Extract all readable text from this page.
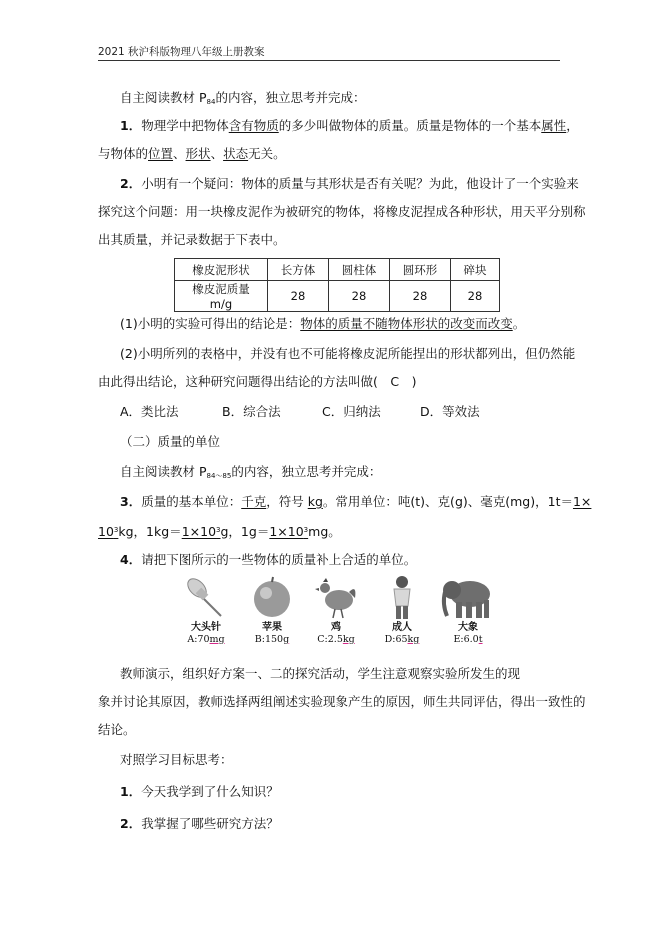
2021 秋沪科版物理八年级上册教案
自主阅读教材 $P_{84}$的内容，独立思考并完成：
1．物理学中把物体含有物质的多少叫做物体的质量。质量是物体的一个基本属性，
与物体的位置、形状、状态无关。
2．小明有一个疑问：物体的质量与其形状是否有关呢？为此，他设计了一个实验来
探究这个问题：用一块橡皮泥作为被研究的物体，将橡皮泥捏成各种形状，用天平分别称
出其质量，并记录数据于下表中。
橡皮泥形状	长方体	圆柱体	圆环形	碎块
橡皮泥质量 m/g	28	28	28	28
(1)小明的实验可得出的结论是：物体的质量不随物体形状的改变而改变。
(2)小明所列的表格中，并没有也不可能将橡皮泥所能捏出的形状都列出，但仍然能
由此得出结论，这种研究问题得出结论的方法叫做(　C　)
A．类比法	B．综合法	C．归纳法	D．等效法
（二）质量的单位
自主阅读教材 $P_{84\sim 85}$的内容，独立思考并完成：
3．质量的基本单位：千克，符号 kg。常用单位：吨(t)、克(g)、毫克(mg)，1t＝1×
$10^3kg$，$1kg=1\times 10^3g$，$1g=1\times 10^3mg$。
4．请把下图所示的一些物体的质量补上合适的单位。
大头针
A:70mg
苹果
B:150g
鸡
C:2.5kg
成人
D:65kg
大象
E:6.0t
教师演示，组织好方案一、二的探究活动，学生注意观察实验所发生的现
象并讨论其原因，教师选择两组阐述实验现象产生的原因，师生共同评估，得出一致性的
结论。
对照学习目标思考：
1．今天我学到了什么知识？
2．我掌握了哪些研究方法？
